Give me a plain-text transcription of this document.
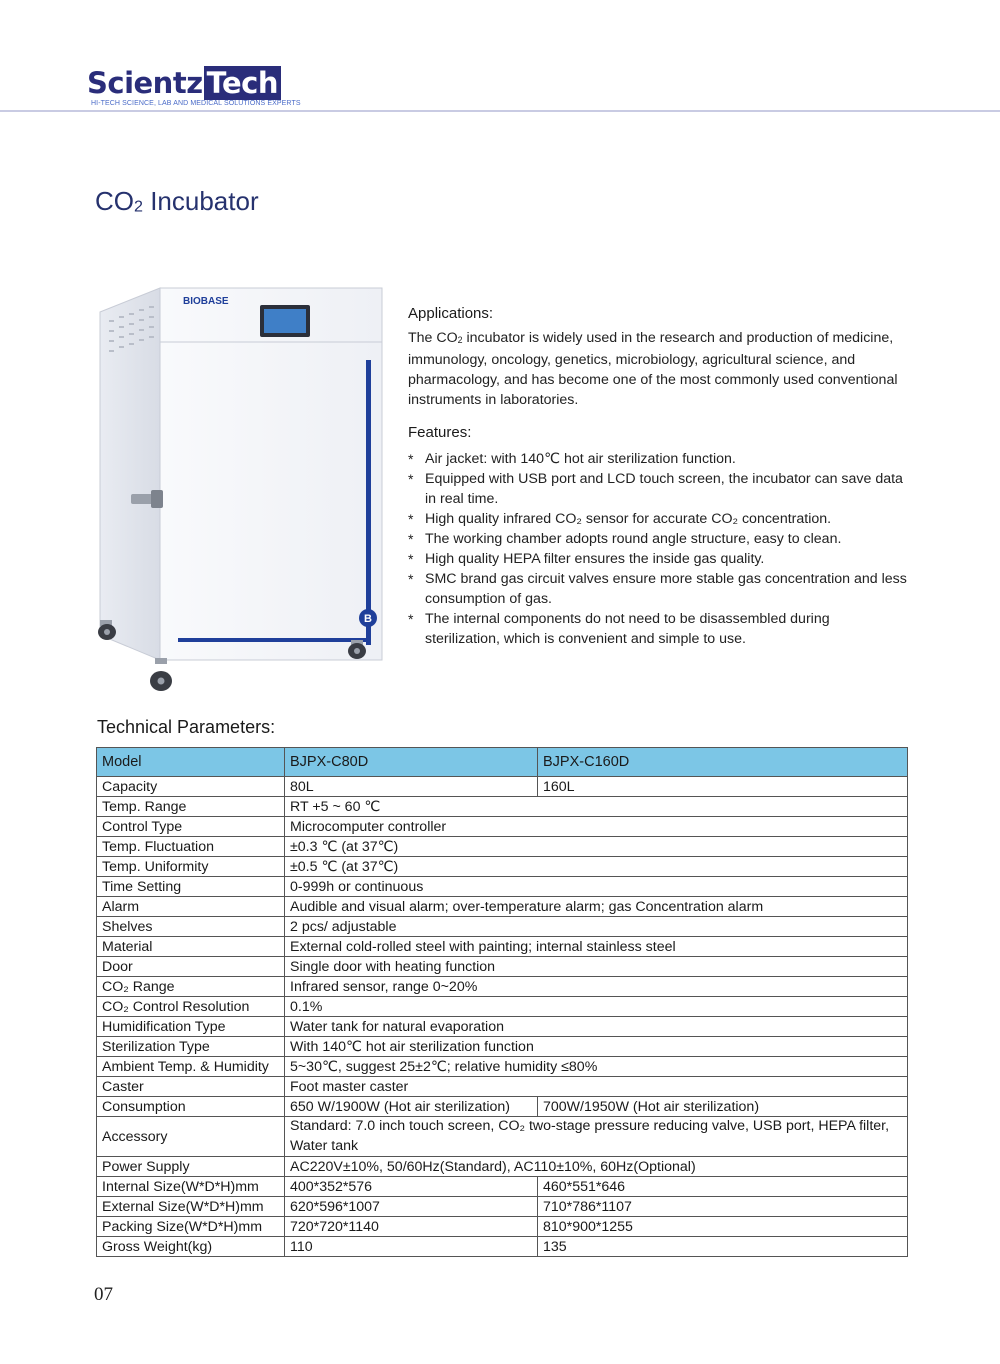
Scientz Tech
HI-TECH SCIENCE, LAB AND MEDICAL SOLUTIONS EXPERTS
$CO_2$ Incubator
BIOBASE
B
Applications:

The CO2 incubator is widely used in the research and production of medicine, immunology, oncology, genetics, microbiology, agricultural science, and pharmacology, and has become one of the most commonly used conventional instruments in laboratories.

Features:
* Air jacket: with 140℃ hot air sterilization function.
* Equipped with USB port and LCD touch screen, the incubator can save data in real time.
* High quality infrared CO₂ sensor for accurate CO₂ concentration.
* The working chamber adopts round angle structure, easy to clean.
* High quality HEPA filter ensures the inside gas quality.
* SMC brand gas circuit valves ensure more stable gas concentration and less consumption of gas.
* The internal components do not need to be disassembled during sterilization, which is convenient and simple to use.
Technical Parameters:
Model	BJPX-C80D	BJPX-C160D
Capacity	80L	160L
Temp. Range	RT +5 ~ 60 ℃	
Control Type	Microcomputer controller	
Temp. Fluctuation	±0.3 ℃ (at 37℃)	
Temp. Uniformity	±0.5 ℃ (at 37℃)	
Time Setting	0-999h or continuous	
Alarm	Audible and visual alarm; over-temperature alarm; gas Concentration alarm	
Shelves	2 pcs/ adjustable	
Material	External cold-rolled steel with painting; internal stainless steel	
Door	Single door with heating function	
CO₂ Range	Infrared sensor, range 0~20%	
CO₂ Control Resolution	0.1%	
Humidification Type	Water tank for natural evaporation	
Sterilization Type	With 140℃ hot air sterilization function	
Ambient Temp. & Humidity	5~30℃, suggest 25±2℃; relative humidity ≤80%	
Caster	Foot master caster	
Consumption	650 W/1900W (Hot air sterilization)	700W/1950W (Hot air sterilization)
Accessory	Standard: 7.0 inch touch screen, CO₂ two-stage pressure reducing valve, USB port, HEPA filter, Water tank	
Power Supply	AC220V±10%, 50/60Hz(Standard), AC110±10%, 60Hz(Optional)	
Internal Size(W*D*H)mm	400*352*576	460*551*646
External Size(W*D*H)mm	620*596*1007	710*786*1107
Packing Size(W*D*H)mm	720*720*1140	810*900*1255
Gross Weight(kg)	110	135
07
